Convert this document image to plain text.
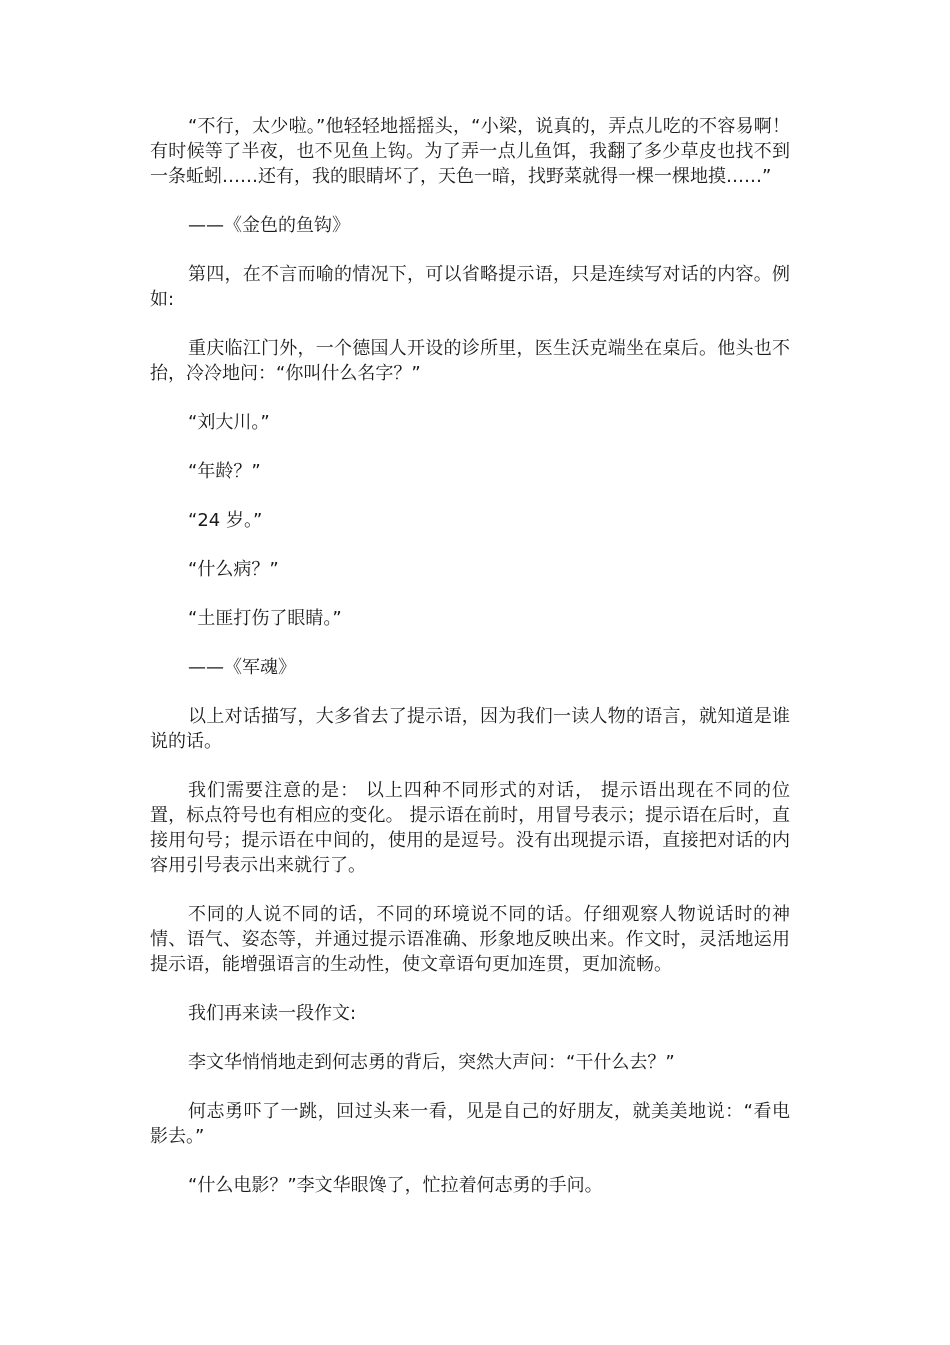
“不行，太少啦。”他轻轻地摇摇头，“小梁，说真的，弄点儿吃的不容易啊！有时候等了半夜，也不见鱼上钩。为了弄一点儿鱼饵，我翻了多少草皮也找不到一条蚯蚓……还有，我的眼睛坏了，天色一暗，找野菜就得一棵一棵地摸……”

——《金色的鱼钩》

第四，在不言而喻的情况下，可以省略提示语，只是连续写对话的内容。例如:

重庆临江门外，一个德国人开设的诊所里，医生沃克端坐在桌后。他头也不抬，冷冷地问：“你叫什么名字？”

“刘大川。”

“年龄？”

“24 岁。”

“什么病？”

“土匪打伤了眼睛。”

——《军魂》

以上对话描写，大多省去了提示语，因为我们一读人物的语言，就知道是谁说的话。

我们需要注意的是： 以上四种不同形式的对话， 提示语出现在不同的位置，标点符号也有相应的变化。 提示语在前时，用冒号表示；提示语在后时，直接用句号；提示语在中间的，使用的是逗号。没有出现提示语，直接把对话的内容用引号表示出来就行了。

不同的人说不同的话，不同的环境说不同的话。仔细观察人物说话时的神情、语气、姿态等，并通过提示语准确、形象地反映出来。作文时，灵活地运用提示语，能增强语言的生动性，使文章语句更加连贯，更加流畅。

我们再来读一段作文:

李文华悄悄地走到何志勇的背后，突然大声问：“干什么去？”

何志勇吓了一跳，回过头来一看，见是自己的好朋友，就美美地说：“看电影去。”

“什么电影？”李文华眼馋了，忙拉着何志勇的手问。
